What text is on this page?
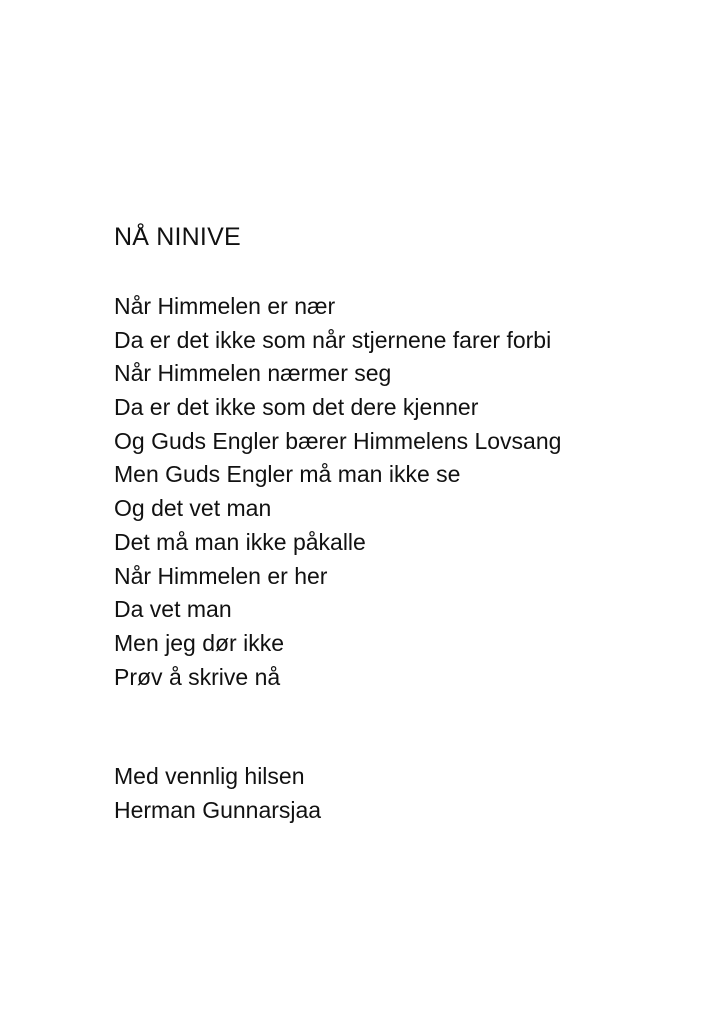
NÅ NINIVE
Når Himmelen er nær
Da er det ikke som når stjernene farer forbi
Når Himmelen nærmer seg
Da er det ikke som det dere kjenner
Og Guds Engler bærer Himmelens Lovsang
Men Guds Engler må man ikke se
Og det vet man
Det må man ikke påkalle
Når Himmelen er her
Da vet man
Men jeg dør ikke
Prøv å skrive nå
Med vennlig hilsen
Herman Gunnarsjaa
